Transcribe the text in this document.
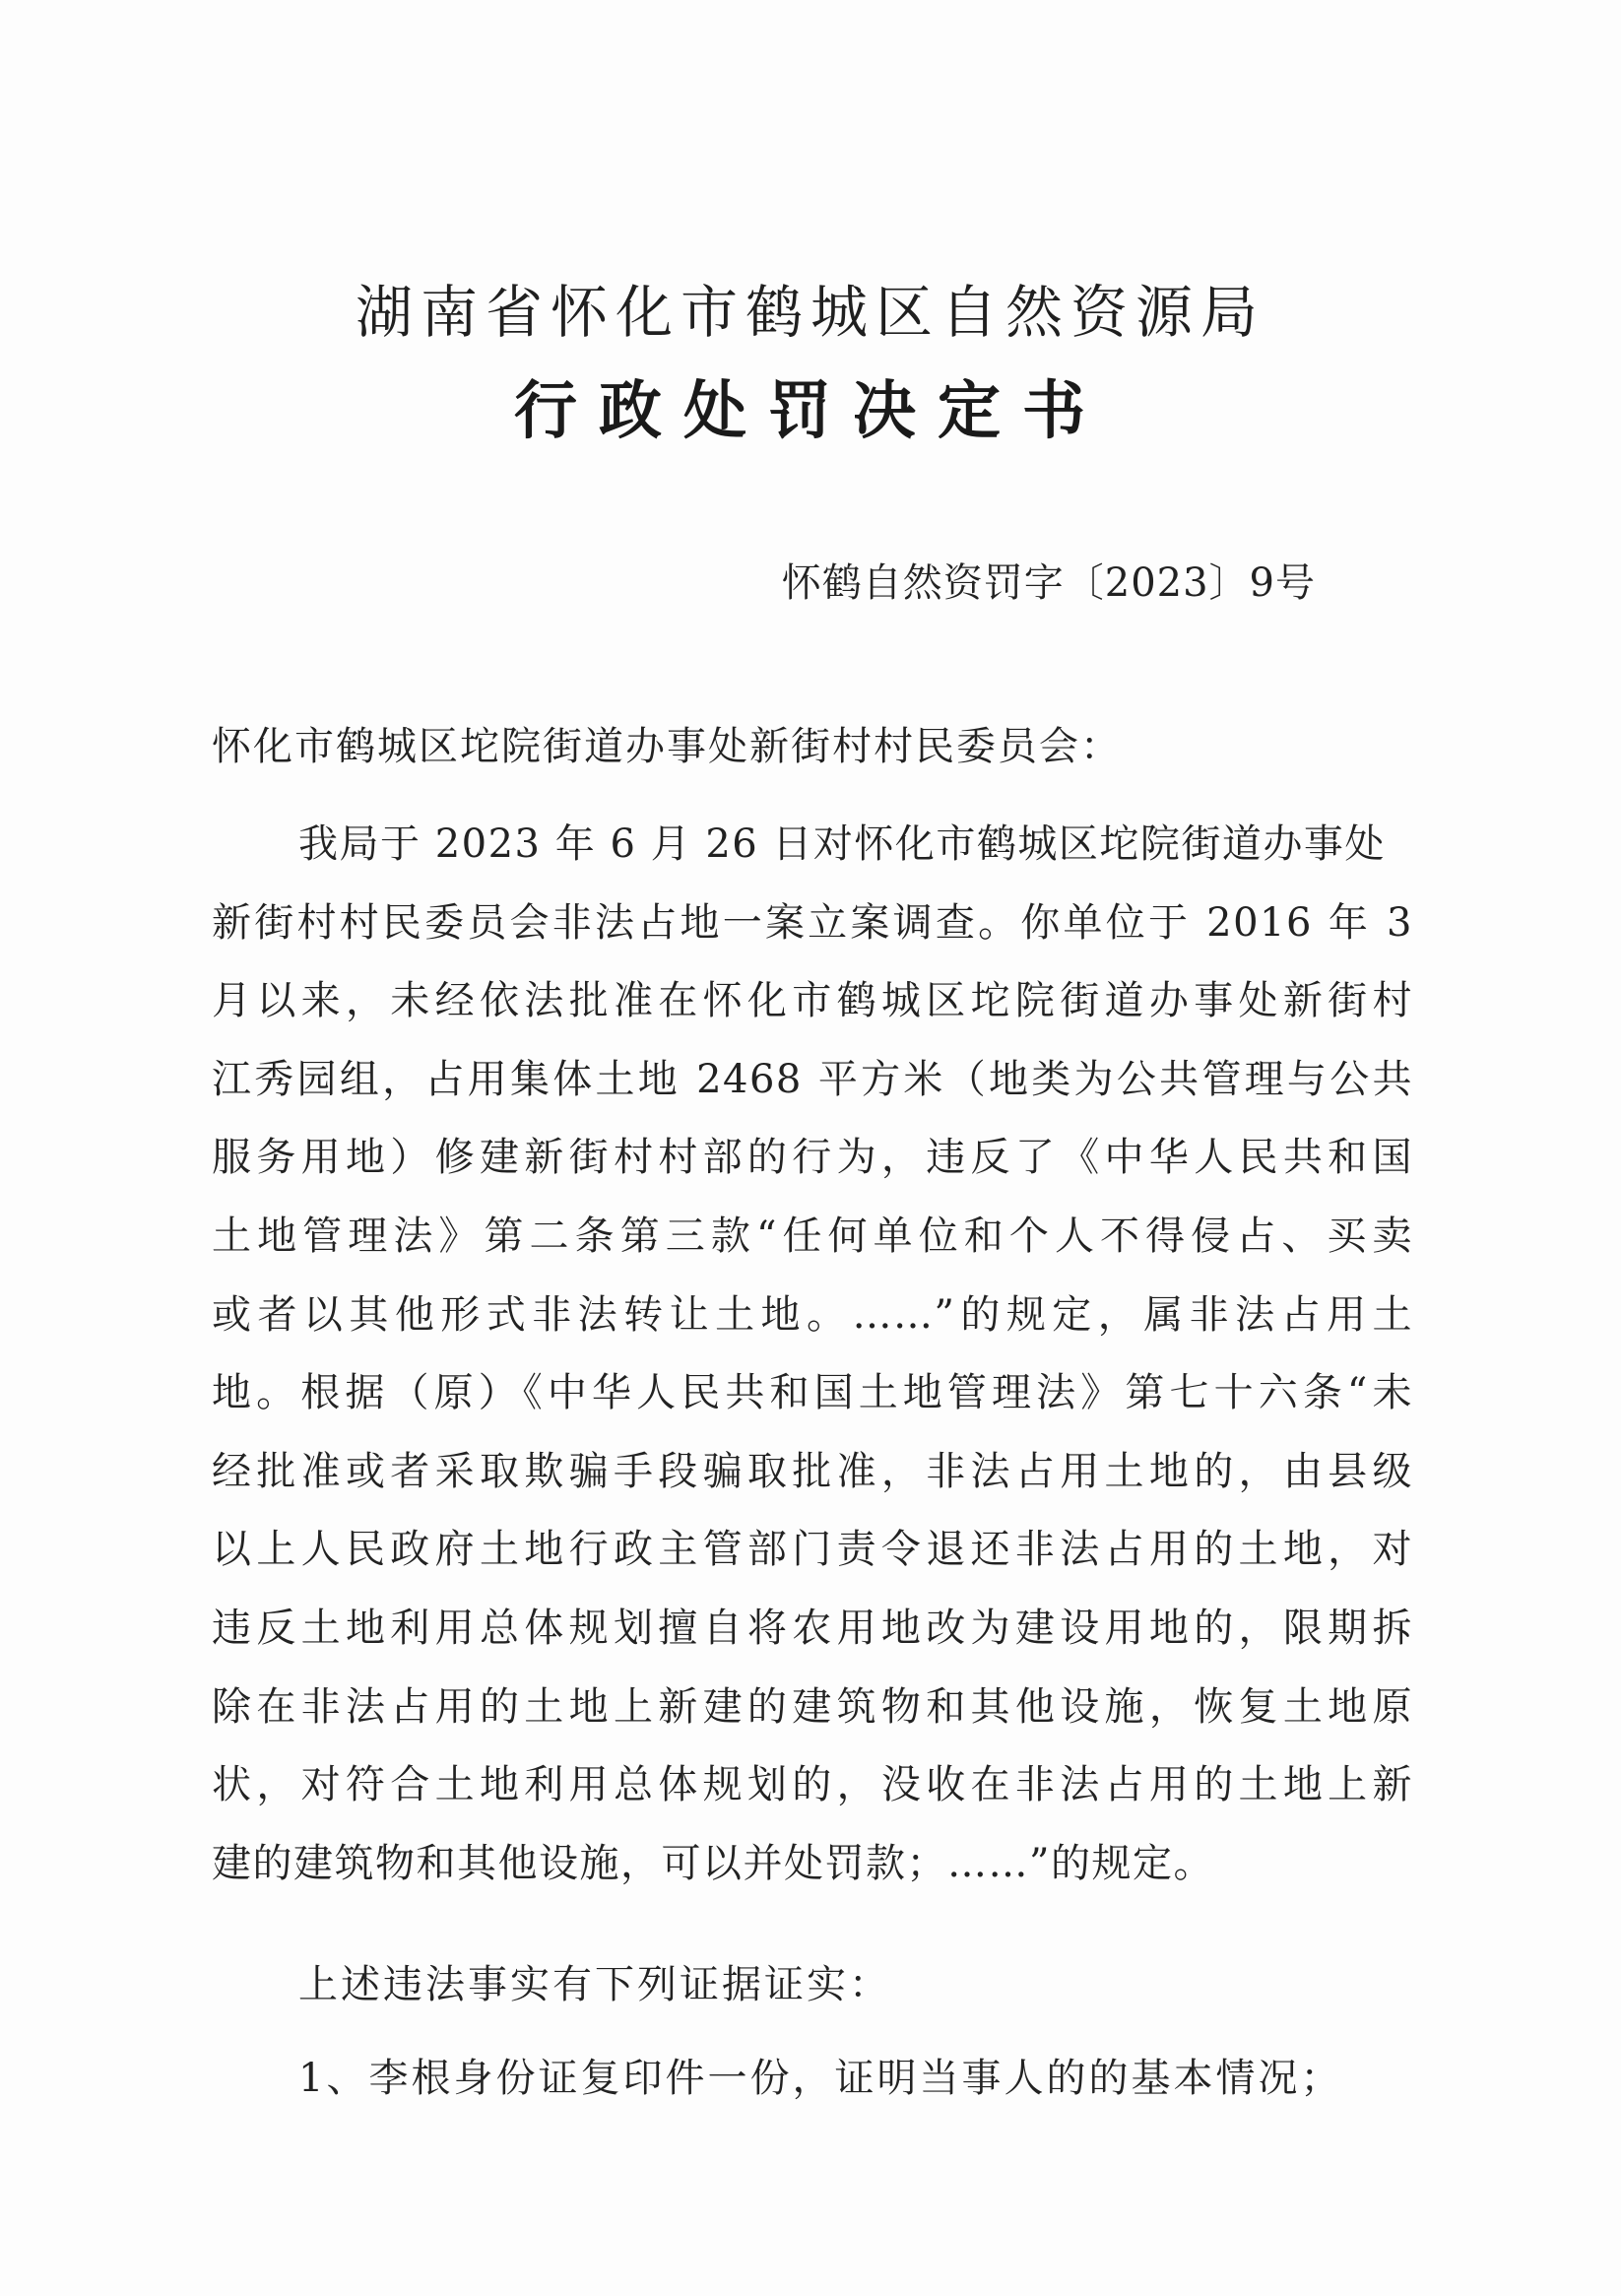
湖南省怀化市鹤城区自然资源局
行政处罚决定书
怀鹤自然资罚字〔2023〕9号
怀化市鹤城区坨院街道办事处新街村村民委员会：
我局于 2023 年 6 月 26 日对怀化市鹤城区坨院街道办事处
新街村村民委员会非法占地一案立案调查。你单位于 2016 年 3
月以来，未经依法批准在怀化市鹤城区坨院街道办事处新街村
江秀园组，占用集体土地 2468 平方米（地类为公共管理与公共
服务用地）修建新街村村部的行为，违反了《中华人民共和国
土地管理法》第二条第三款“任何单位和个人不得侵占、买卖
或者以其他形式非法转让土地。……”的规定，属非法占用土
地。根据（原）《中华人民共和国土地管理法》第七十六条“未
经批准或者采取欺骗手段骗取批准，非法占用土地的，由县级
以上人民政府土地行政主管部门责令退还非法占用的土地，对
违反土地利用总体规划擅自将农用地改为建设用地的，限期拆
除在非法占用的土地上新建的建筑物和其他设施，恢复土地原
状，对符合土地利用总体规划的，没收在非法占用的土地上新
建的建筑物和其他设施，可以并处罚款；……”的规定。
上述违法事实有下列证据证实：
1、李根身份证复印件一份，证明当事人的的基本情况；
